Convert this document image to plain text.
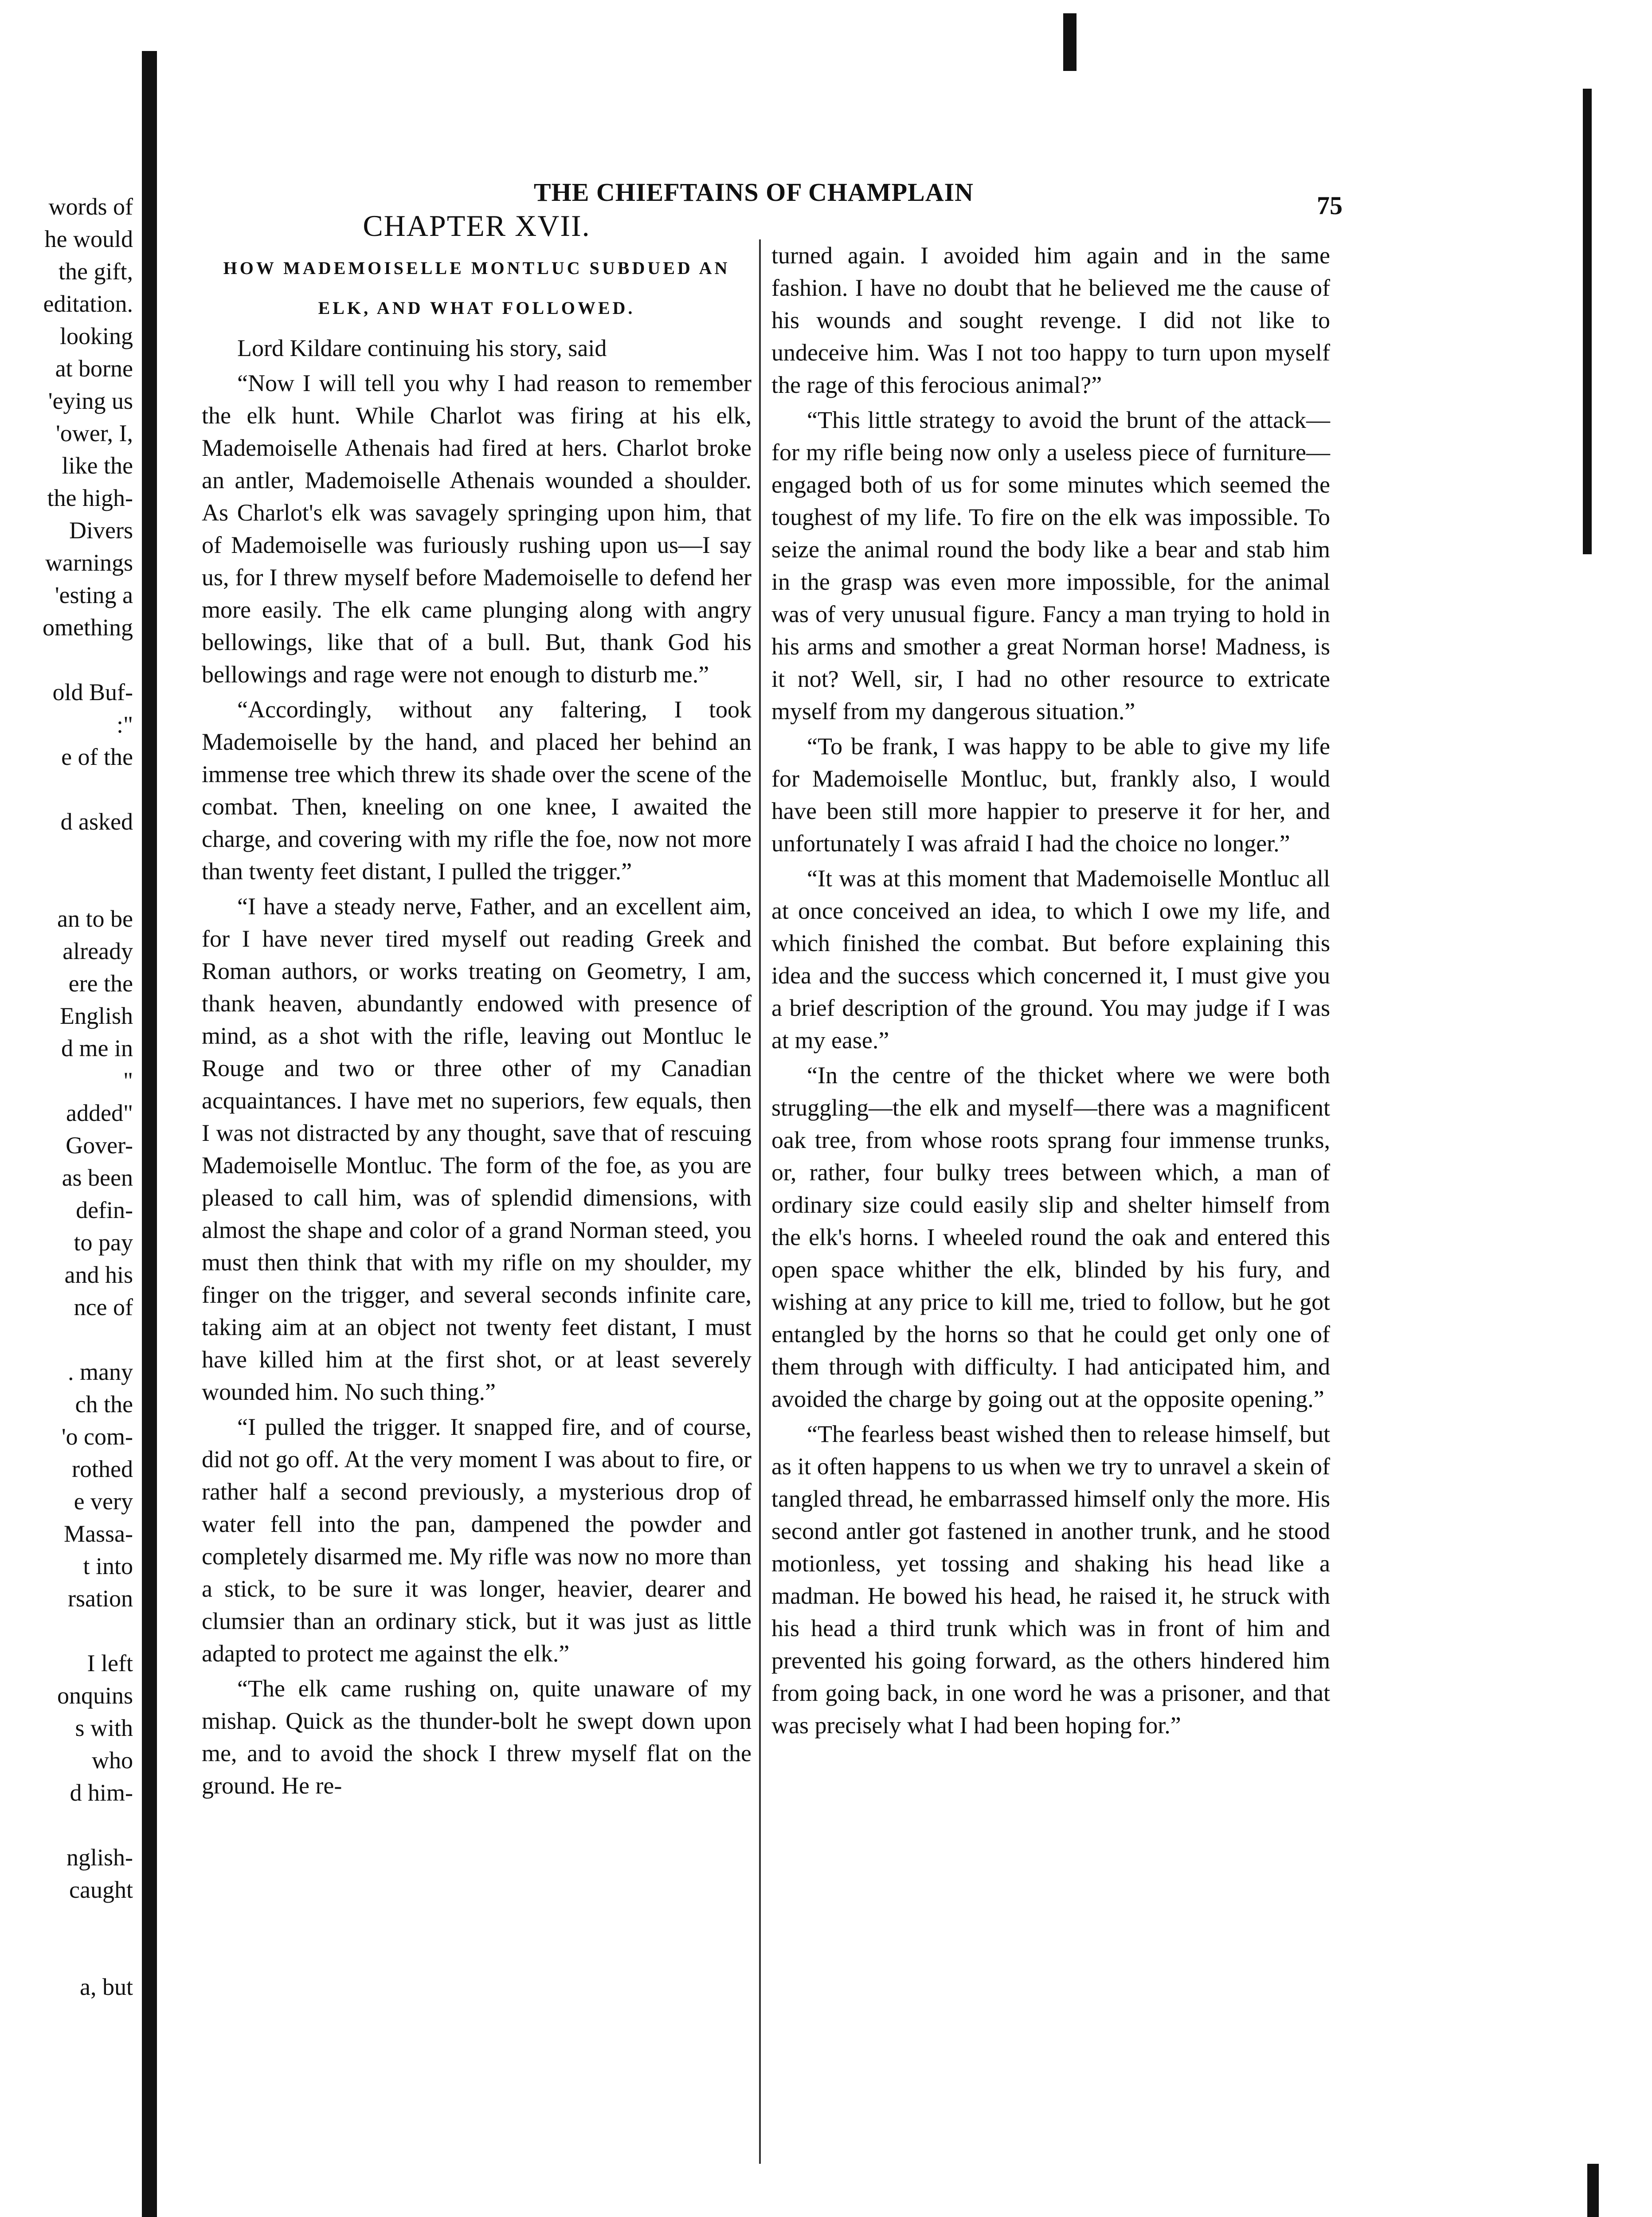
words of
he would
the gift,
editation.
looking
at borne
'eying us
'ower, I,
like the
the high-
Divers
warnings
'esting a
omething
old Buf-
:"
e of the
d asked
an to be
already
ere the
English
d me in
"
added"
Gover-
as been
defin-
to pay
and his
nce of
. many
ch the
'o com-
rothed
e very
Massa-
t into
rsation
I left
onquins
s with
who
d him-
nglish-
caught
a, but
THE CHIEFTAINS OF CHAMPLAIN	75
CHAPTER XVII.
HOW MADEMOISELLE MONTLUC SUBDUED AN
ELK, AND WHAT FOLLOWED.

Lord Kildare continuing his story, said

“Now I will tell you why I had reason to remember the elk hunt. While Charlot was firing at his elk, Mademoiselle Athenais had fired at hers. Charlot broke an antler, Mademoiselle Athenais wounded a shoulder. As Charlot's elk was savagely springing upon him, that of Mademoiselle was furiously rushing upon us—I say us, for I threw myself before Mademoiselle to defend her more easily. The elk came plunging along with angry bellowings, like that of a bull. But, thank God his bellowings and rage were not enough to disturb me.”

“Accordingly, without any faltering, I took Mademoiselle by the hand, and placed her behind an immense tree which threw its shade over the scene of the combat. Then, kneeling on one knee, I awaited the charge, and covering with my rifle the foe, now not more than twenty feet distant, I pulled the trigger.”

“I have a steady nerve, Father, and an excellent aim, for I have never tired myself out reading Greek and Roman authors, or works treating on Geometry, I am, thank heaven, abundantly endowed with presence of mind, as a shot with the rifle, leaving out Montluc le Rouge and two or three other of my Canadian acquaintances. I have met no superiors, few equals, then I was not distracted by any thought, save that of rescuing Mademoiselle Montluc. The form of the foe, as you are pleased to call him, was of splendid dimensions, with almost the shape and color of a grand Norman steed, you must then think that with my rifle on my shoulder, my finger on the trigger, and several seconds infinite care, taking aim at an object not twenty feet distant, I must have killed him at the first shot, or at least severely wounded him. No such thing.”

“I pulled the trigger. It snapped fire, and of course, did not go off. At the very moment I was about to fire, or rather half a second previously, a mysterious drop of water fell into the pan, dampened the powder and completely disarmed me. My rifle was now no more than a stick, to be sure it was longer, heavier, dearer and clumsier than an ordinary stick, but it was just as little adapted to protect me against the elk.”

“The elk came rushing on, quite unaware of my mishap. Quick as the thunder-bolt he swept down upon me, and to avoid the shock I threw myself flat on the ground. He re-

turned again. I avoided him again and in the same fashion. I have no doubt that he believed me the cause of his wounds and sought revenge. I did not like to undeceive him. Was I not too happy to turn upon myself the rage of this ferocious animal?”

“This little strategy to avoid the brunt of the attack—for my rifle being now only a useless piece of furniture—engaged both of us for some minutes which seemed the toughest of my life. To fire on the elk was impossible. To seize the animal round the body like a bear and stab him in the grasp was even more impossible, for the animal was of very unusual figure. Fancy a man trying to hold in his arms and smother a great Norman horse! Madness, is it not? Well, sir, I had no other resource to extricate myself from my dangerous situation.”

“To be frank, I was happy to be able to give my life for Mademoiselle Montluc, but, frankly also, I would have been still more happier to preserve it for her, and unfortunately I was afraid I had the choice no longer.”

“It was at this moment that Mademoiselle Montluc all at once conceived an idea, to which I owe my life, and which finished the combat. But before explaining this idea and the success which concerned it, I must give you a brief description of the ground. You may judge if I was at my ease.”

“In the centre of the thicket where we were both struggling—the elk and myself—there was a magnificent oak tree, from whose roots sprang four immense trunks, or, rather, four bulky trees between which, a man of ordinary size could easily slip and shelter himself from the elk's horns. I wheeled round the oak and entered this open space whither the elk, blinded by his fury, and wishing at any price to kill me, tried to follow, but he got entangled by the horns so that he could get only one of them through with difficulty. I had anticipated him, and avoided the charge by going out at the opposite opening.”

“The fearless beast wished then to release himself, but as it often happens to us when we try to unravel a skein of tangled thread, he embarrassed himself only the more. His second antler got fastened in another trunk, and he stood motionless, yet tossing and shaking his head like a madman. He bowed his head, he raised it, he struck with his head a third trunk which was in front of him and prevented his going forward, as the others hindered him from going back, in one word he was a prisoner, and that was precisely what I had been hoping for.”
